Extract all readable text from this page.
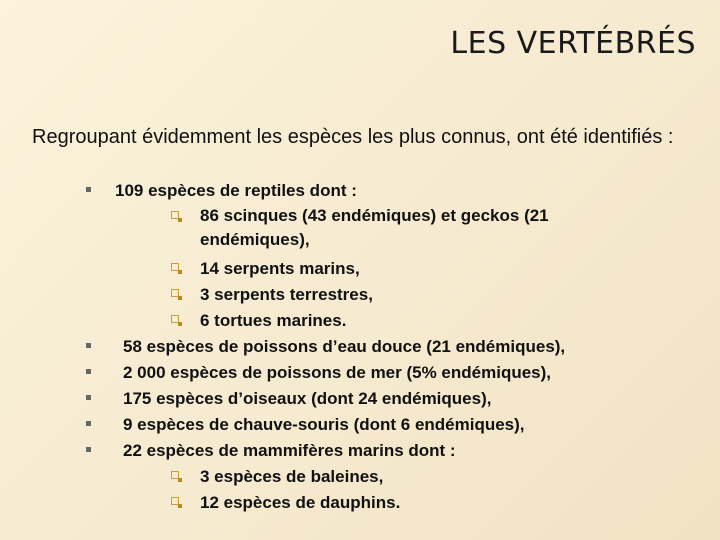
LES VERTÉBRÉS
Regroupant évidemment les espèces les plus connus, ont été identifiés :
109 espèces de reptiles dont :
86 scinques (43 endémiques) et geckos (21 endémiques),
14 serpents marins,
3 serpents terrestres,
6 tortues marines.
58 espèces de poissons d’eau douce (21 endémiques),
2 000 espèces de poissons de mer (5% endémiques),
175 espèces d’oiseaux (dont 24 endémiques),
9 espèces de chauve-souris (dont 6 endémiques),
22 espèces de mammifères marins dont :
3 espèces de baleines,
12 espèces de dauphins.
